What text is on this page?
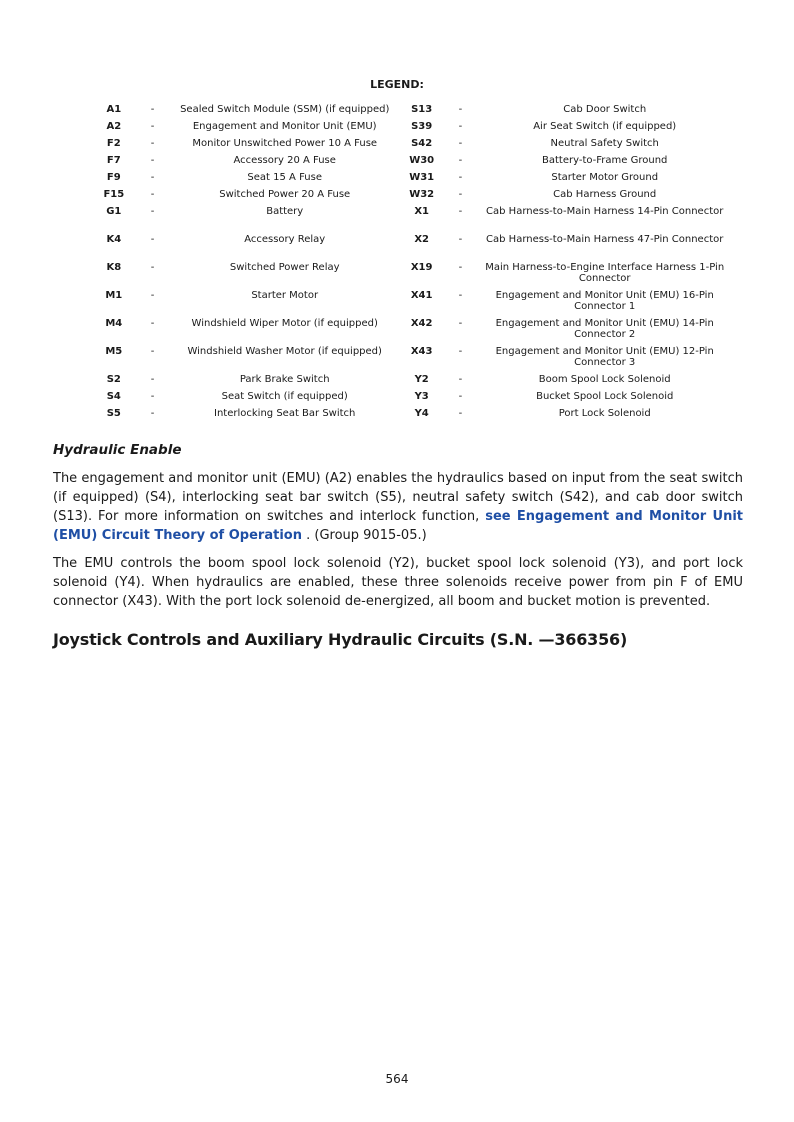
LEGEND:
A1	-	Sealed Switch Module (SSM) (if equipped)	S13	-	Cab Door Switch
A2	-	Engagement and Monitor Unit (EMU)	S39	-	Air Seat Switch (if equipped)
F2	-	Monitor Unswitched Power 10 A Fuse	S42	-	Neutral Safety Switch
F7	-	Accessory 20 A Fuse	W30	-	Battery-to-Frame Ground
F9	-	Seat 15 A Fuse	W31	-	Starter Motor Ground
F15	-	Switched Power 20 A Fuse	W32	-	Cab Harness Ground
G1	-	Battery	X1	-	Cab Harness-to-Main Harness 14-Pin Connector
K4	-	Accessory Relay	X2	-	Cab Harness-to-Main Harness 47-Pin Connector
K8	-	Switched Power Relay	X19	-	Main Harness-to-Engine Interface Harness 1-Pin Connector
M1	-	Starter Motor	X41	-	Engagement and Monitor Unit (EMU) 16-Pin Connector 1
M4	-	Windshield Wiper Motor (if equipped)	X42	-	Engagement and Monitor Unit (EMU) 14-Pin Connector 2
M5	-	Windshield Washer Motor (if equipped)	X43	-	Engagement and Monitor Unit (EMU) 12-Pin Connector 3
S2	-	Park Brake Switch	Y2	-	Boom Spool Lock Solenoid
S4	-	Seat Switch (if equipped)	Y3	-	Bucket Spool Lock Solenoid
S5	-	Interlocking Seat Bar Switch	Y4	-	Port Lock Solenoid
Hydraulic Enable

The engagement and monitor unit (EMU) (A2) enables the hydraulics based on input from the seat switch (if equipped) (S4), interlocking seat bar switch (S5), neutral safety switch (S42), and cab door switch (S13). For more information on switches and interlock function, see Engagement and Monitor Unit (EMU) Circuit Theory of Operation . (Group 9015-05.)

The EMU controls the boom spool lock solenoid (Y2), bucket spool lock solenoid (Y3), and port lock solenoid (Y4). When hydraulics are enabled, these three solenoids receive power from pin F of EMU connector (X43). With the port lock solenoid de-energized, all boom and bucket motion is prevented.

Joystick Controls and Auxiliary Hydraulic Circuits (S.N. —366356)
564
